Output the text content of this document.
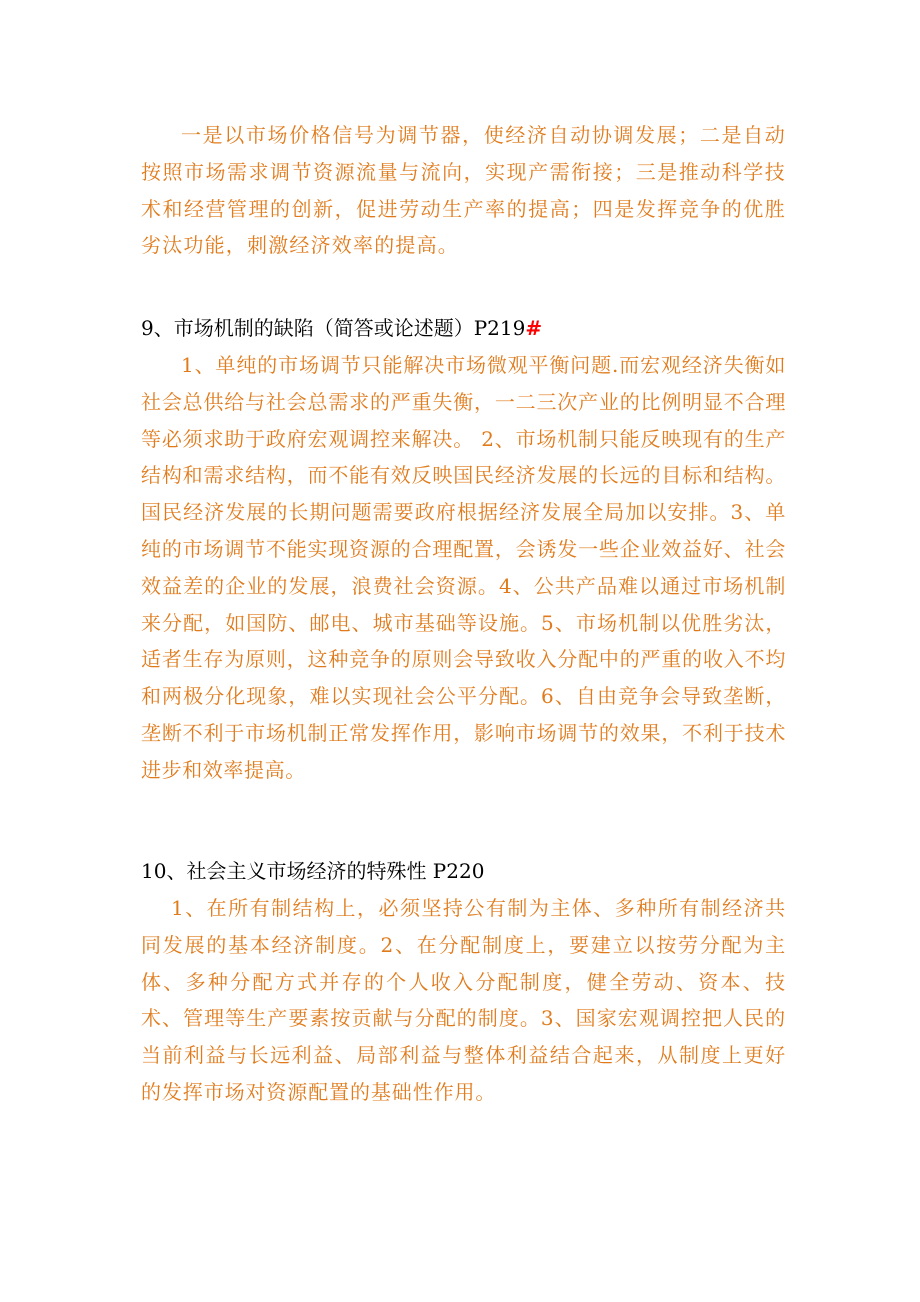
一是以市场价格信号为调节器，使经济自动协调发展；二是自动按照市场需求调节资源流量与流向，实现产需衔接；三是推动科学技术和经营管理的创新，促进劳动生产率的提高；四是发挥竞争的优胜劣汰功能，刺激经济效率的提高。

9、市场机制的缺陷（简答或论述题）P219#

1、单纯的市场调节只能解决市场微观平衡问题.而宏观经济失衡如社会总供给与社会总需求的严重失衡，一二三次产业的比例明显不合理等必须求助于政府宏观调控来解决。 2、市场机制只能反映现有的生产结构和需求结构，而不能有效反映国民经济发展的长远的目标和结构。国民经济发展的长期问题需要政府根据经济发展全局加以安排。3、单纯的市场调节不能实现资源的合理配置，会诱发一些企业效益好、社会效益差的企业的发展，浪费社会资源。4、公共产品难以通过市场机制来分配，如国防、邮电、城市基础等设施。5、市场机制以优胜劣汰，适者生存为原则，这种竞争的原则会导致收入分配中的严重的收入不均和两极分化现象，难以实现社会公平分配。6、自由竞争会导致垄断，垄断不利于市场机制正常发挥作用，影响市场调节的效果，不利于技术进步和效率提高。

10、社会主义市场经济的特殊性 P220

1、在所有制结构上，必须坚持公有制为主体、多种所有制经济共同发展的基本经济制度。2、在分配制度上，要建立以按劳分配为主体、多种分配方式并存的个人收入分配制度，健全劳动、资本、技术、管理等生产要素按贡献与分配的制度。3、国家宏观调控把人民的当前利益与长远利益、局部利益与整体利益结合起来，从制度上更好的发挥市场对资源配置的基础性作用。
